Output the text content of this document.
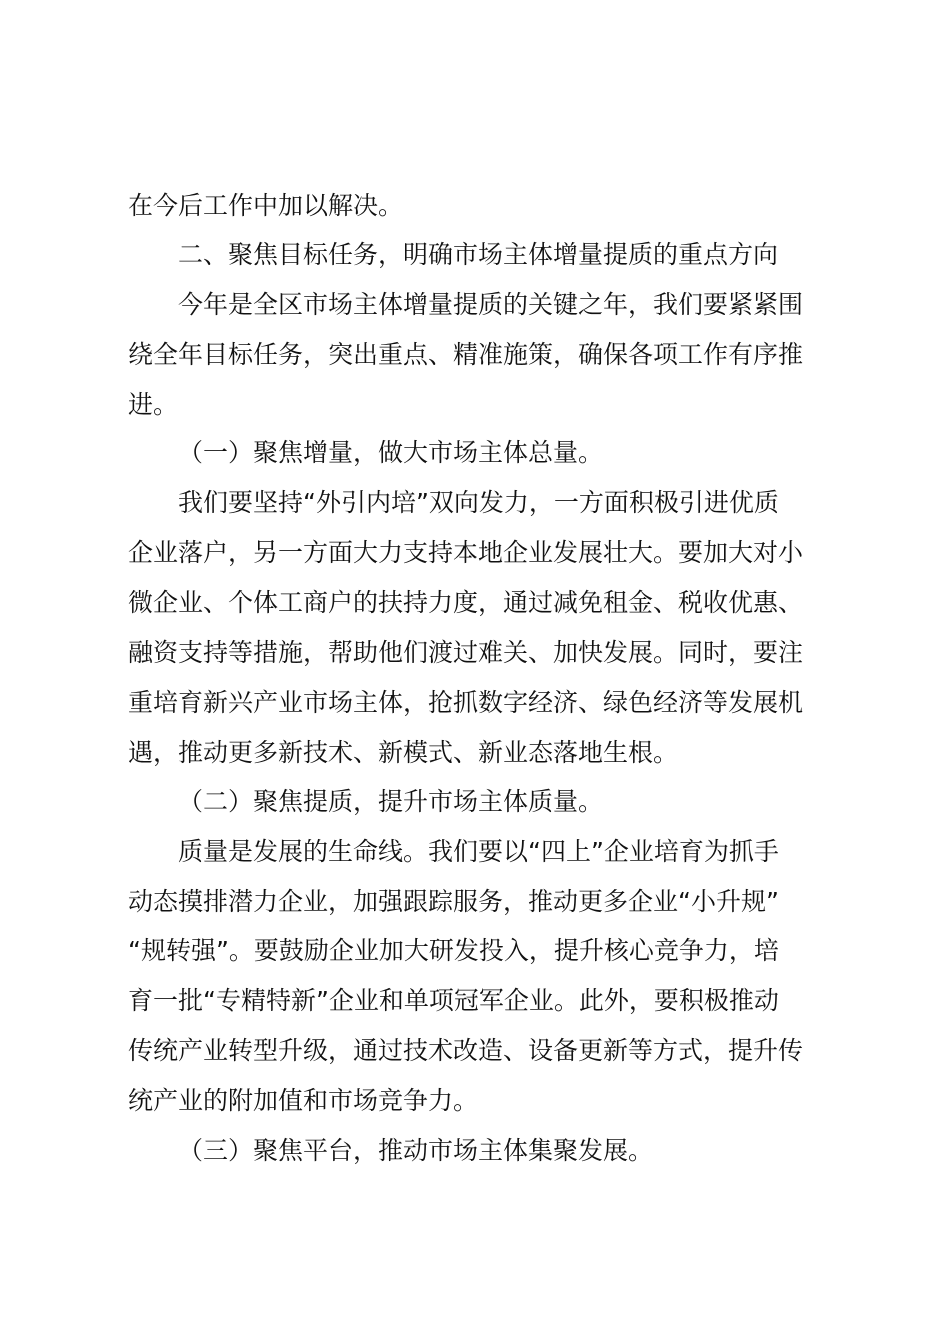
在今后工作中加以解决。
二、聚焦目标任务，明确市场主体增量提质的重点方向
今年是全区市场主体增量提质的关键之年，我们要紧紧围
绕全年目标任务，突出重点、精准施策，确保各项工作有序推
进。
（一）聚焦增量，做大市场主体总量。
我们要坚持“外引内培”双向发力，一方面积极引进优质
企业落户，另一方面大力支持本地企业发展壮大。要加大对小
微企业、个体工商户的扶持力度，通过减免租金、税收优惠、
融资支持等措施，帮助他们渡过难关、加快发展。同时，要注
重培育新兴产业市场主体，抢抓数字经济、绿色经济等发展机
遇，推动更多新技术、新模式、新业态落地生根。
（二）聚焦提质，提升市场主体质量。
质量是发展的生命线。我们要以“四上”企业培育为抓手
动态摸排潜力企业，加强跟踪服务，推动更多企业“小升规”
“规转强”。要鼓励企业加大研发投入，提升核心竞争力，培
育一批“专精特新”企业和单项冠军企业。此外，要积极推动
传统产业转型升级，通过技术改造、设备更新等方式，提升传
统产业的附加值和市场竞争力。
（三）聚焦平台，推动市场主体集聚发展。
